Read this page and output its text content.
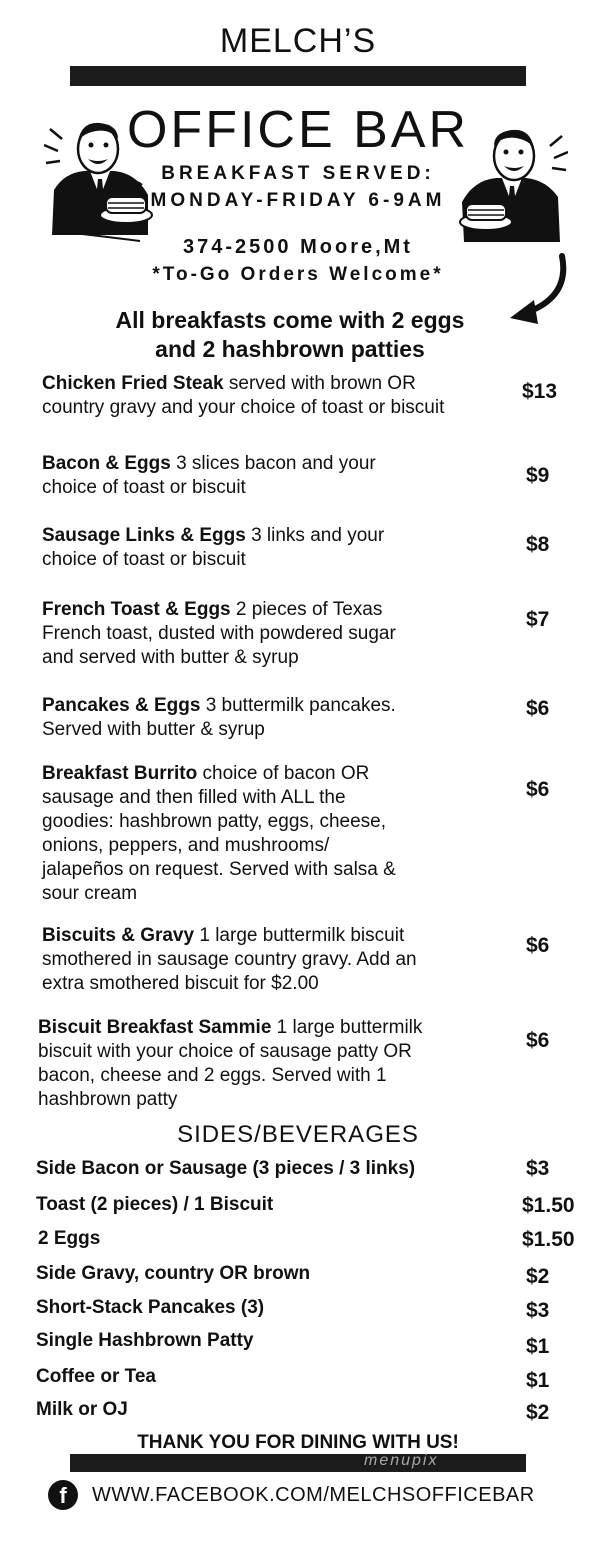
MELCH’S
OFFICE BAR
BREAKFAST SERVED:
MONDAY-FRIDAY 6-9AM
374-2500 Moore,Mt
*To-Go Orders Welcome*
All breakfasts come with 2 eggs
and 2 hashbrown patties
Chicken Fried Steak served with brown OR
country gravy and your choice of toast or biscuit
$13
Bacon & Eggs 3 slices bacon and your
choice of toast or biscuit
$9
Sausage Links & Eggs 3 links and your
choice of toast or biscuit
$8
French Toast & Eggs 2 pieces of Texas
French toast, dusted with powdered sugar
and served with butter & syrup
$7
Pancakes & Eggs 3 buttermilk pancakes.
Served with butter & syrup
$6
Breakfast Burrito choice of bacon OR
sausage and then filled with ALL the
goodies: hashbrown patty, eggs, cheese,
onions, peppers, and mushrooms/
jalapeños on request. Served with salsa &
sour cream
$6
Biscuits & Gravy 1 large buttermilk biscuit
smothered in sausage country gravy. Add an
extra smothered biscuit for $2.00
$6
Biscuit Breakfast Sammie 1 large buttermilk
biscuit with your choice of sausage patty OR
bacon, cheese and 2 eggs. Served with 1
hashbrown patty
$6
SIDES/BEVERAGES
Side Bacon or Sausage (3 pieces / 3 links)	$3
Toast (2 pieces) / 1 Biscuit	$1.50
2 Eggs	$1.50
Side Gravy, country OR brown	$2
Short-Stack Pancakes (3)	$3
Single Hashbrown Patty	$1
Coffee or Tea	$1
Milk or OJ	$2
THANK YOU FOR DINING WITH US!
menupix
f	WWW.FACEBOOK.COM/MELCHSOFFICEBAR
